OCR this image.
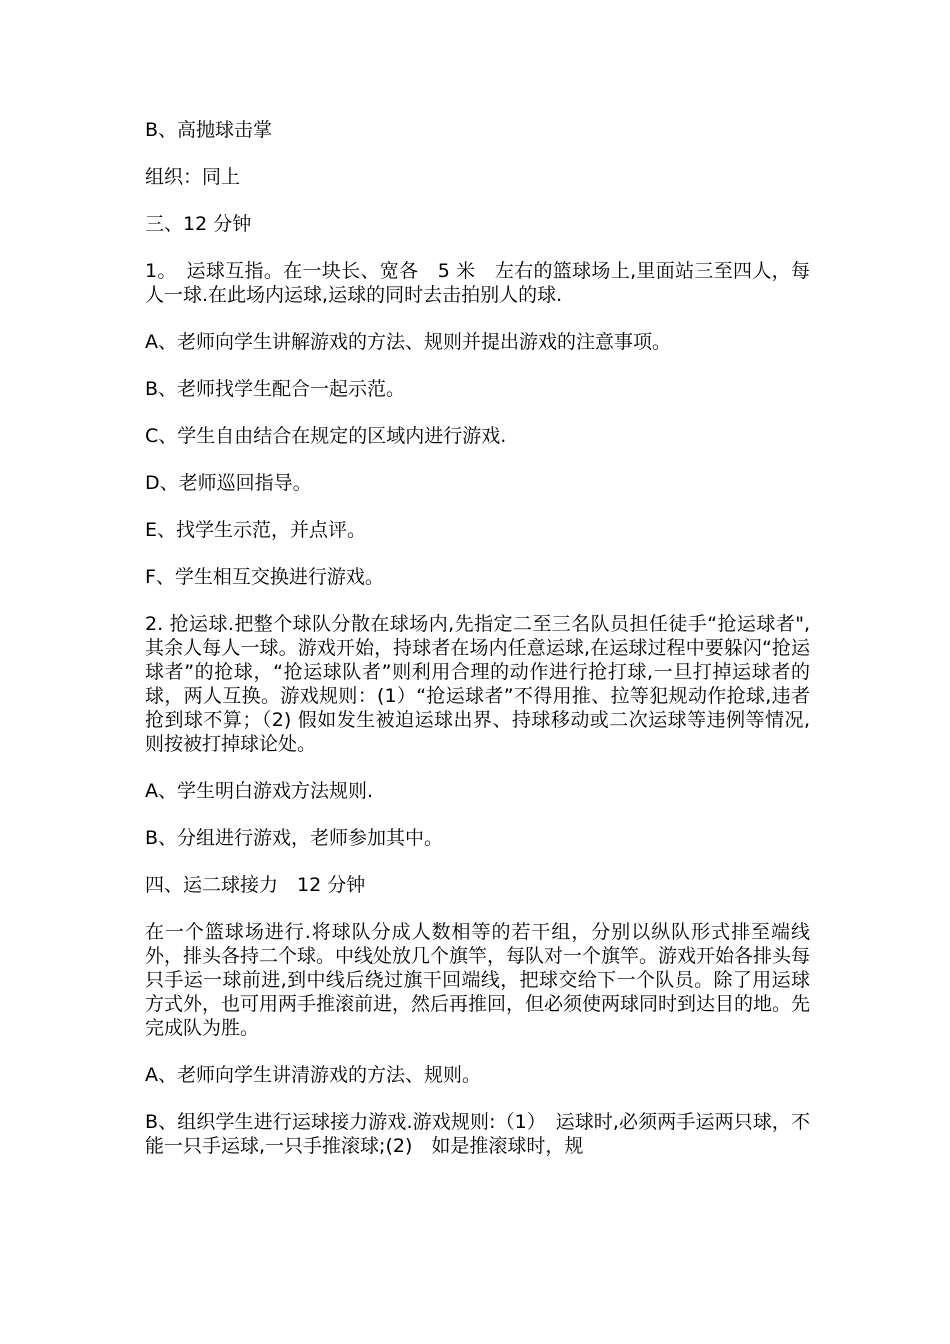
B、高抛球击掌

组织：同上

三、12 分钟

1。　运球互指。在一块长、宽各　5 米　左右的篮球场上,里面站三至四人，每人一球.在此场内运球,运球的同时去击拍别人的球.

A、老师向学生讲解游戏的方法、规则并提出游戏的注意事项。

B、老师找学生配合一起示范。

C、学生自由结合在规定的区域内进行游戏.

D、老师巡回指导。

E、找学生示范，并点评。

F、学生相互交换进行游戏。

2. 抢运球.把整个球队分散在球场内,先指定二至三名队员担任徒手“抢运球者",其余人每人一球。游戏开始，持球者在场内任意运球,在运球过程中要躲闪“抢运球者”的抢球，“抢运球队者”则利用合理的动作进行抢打球,一旦打掉运球者的球，两人互换。游戏规则：(1）“抢运球者”不得用推、拉等犯规动作抢球,违者抢到球不算；（2) 假如发生被迫运球出界、持球移动或二次运球等违例等情况,则按被打掉球论处。

A、学生明白游戏方法规则.

B、分组进行游戏，老师参加其中。

四、运二球接力　12 分钟

在一个篮球场进行.将球队分成人数相等的若干组，分别以纵队形式排至端线外，排头各持二个球。中线处放几个旗竿，每队对一个旗竿。游戏开始各排头每只手运一球前进,到中线后绕过旗干回端线，把球交给下一个队员。除了用运球方式外，也可用两手推滚前进，然后再推回，但必须使两球同时到达目的地。先完成队为胜。

A、老师向学生讲清游戏的方法、规则。

B、组织学生进行运球接力游戏.游戏规则:（1）　运球时,必须两手运两只球，不能一只手运球,一只手推滚球;(2)　如是推滚球时，规
